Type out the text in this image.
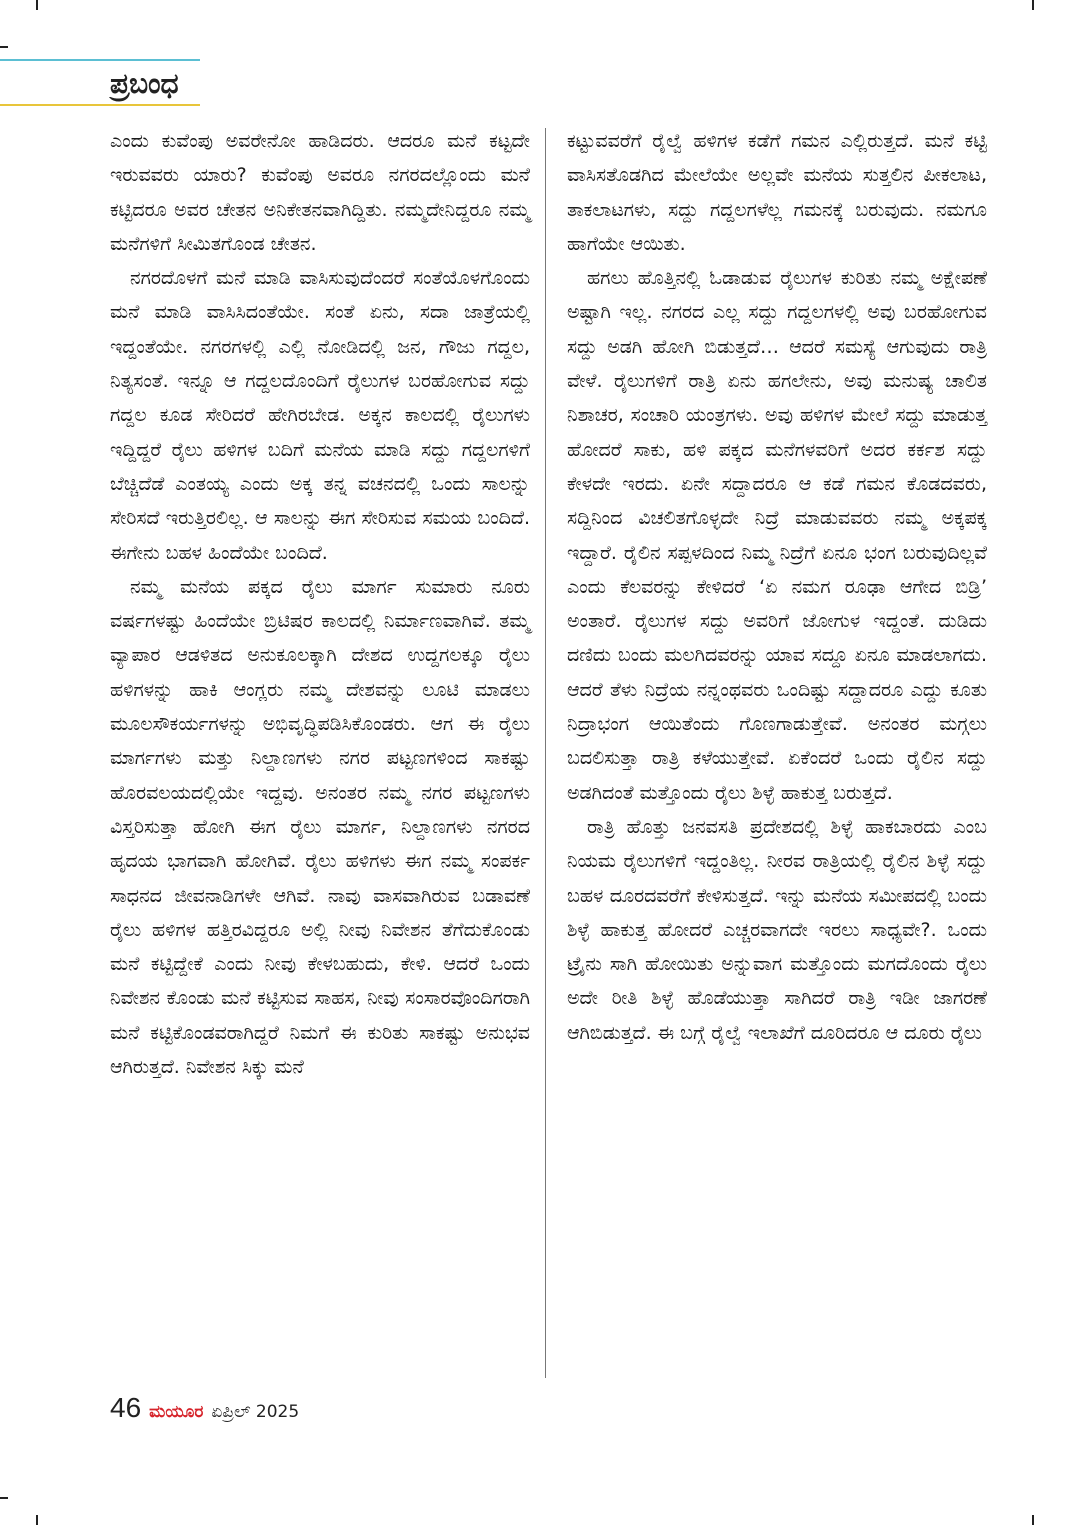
ಪ್ರಬಂಧ

ಎಂದು ಕುವೆಂಪು ಅವರೇನೋ ಹಾಡಿದರು. ಆದರೂ ಮನೆ ಕಟ್ಟದೇ ಇರುವವರು ಯಾರು? ಕುವೆಂಪು ಅವರೂ ನಗರದಲ್ಲೊಂದು ಮನೆ ಕಟ್ಟಿದರೂ ಅವರ ಚೇತನ ಅನಿಕೇತನವಾಗಿದ್ದಿತು. ನಮ್ಮದೇನಿದ್ದರೂ ನಮ್ಮ ಮನೆಗಳಿಗೆ ಸೀಮಿತಗೊಂಡ ಚೇತನ.

ನಗರದೊಳಗೆ ಮನೆ ಮಾಡಿ ವಾಸಿಸುವುದೆಂದರೆ ಸಂತೆಯೊಳಗೊಂದು ಮನೆ ಮಾಡಿ ವಾಸಿಸಿದಂತೆಯೇ. ಸಂತೆ ಏನು, ಸದಾ ಜಾತ್ರೆಯಲ್ಲಿ ಇದ್ದಂತೆಯೇ. ನಗರಗಳಲ್ಲಿ ಎಲ್ಲಿ ನೋಡಿದಲ್ಲಿ ಜನ, ಗೌಜು ಗದ್ದಲ, ನಿತ್ಯಸಂತೆ. ಇನ್ನೂ ಆ ಗದ್ದಲದೊಂದಿಗೆ ರೈಲುಗಳ ಬರಹೋಗುವ ಸದ್ದು ಗದ್ದಲ ಕೂಡ ಸೇರಿದರೆ ಹೇಗಿರಬೇಡ. ಅಕ್ಕನ ಕಾಲದಲ್ಲಿ ರೈಲುಗಳು ಇದ್ದಿದ್ದರೆ ರೈಲು ಹಳಿಗಳ ಬದಿಗೆ ಮನೆಯ ಮಾಡಿ ಸದ್ದು ಗದ್ದಲಗಳಿಗೆ ಬೆಚ್ಚಿದೆಡೆ ಎಂತಯ್ಯ ಎಂದು ಅಕ್ಕ ತನ್ನ ವಚನದಲ್ಲಿ ಒಂದು ಸಾಲನ್ನು ಸೇರಿಸದೆ ಇರುತ್ತಿರಲಿಲ್ಲ. ಆ ಸಾಲನ್ನು ಈಗ ಸೇರಿಸುವ ಸಮಯ ಬಂದಿದೆ. ಈಗೇನು ಬಹಳ ಹಿಂದೆಯೇ ಬಂದಿದೆ.

ನಮ್ಮ ಮನೆಯ ಪಕ್ಕದ ರೈಲು ಮಾರ್ಗ ಸುಮಾರು ನೂರು ವರ್ಷಗಳಷ್ಟು ಹಿಂದೆಯೇ ಬ್ರಿಟಿಷರ ಕಾಲದಲ್ಲಿ ನಿರ್ಮಾಣವಾಗಿವೆ. ತಮ್ಮ ವ್ಯಾಪಾರ ಆಡಳಿತದ ಅನುಕೂಲಕ್ಕಾಗಿ ದೇಶದ ಉದ್ದಗಲಕ್ಕೂ ರೈಲು ಹಳಿಗಳನ್ನು ಹಾಕಿ ಆಂಗ್ಲರು ನಮ್ಮ ದೇಶವನ್ನು ಲೂಟಿ ಮಾಡಲು ಮೂಲಸೌಕರ್ಯಗಳನ್ನು ಅಭಿವೃದ್ಧಿಪಡಿಸಿಕೊಂಡರು. ಆಗ ಈ ರೈಲು ಮಾರ್ಗಗಳು ಮತ್ತು ನಿಲ್ದಾಣಗಳು ನಗರ ಪಟ್ಟಣಗಳಿಂದ ಸಾಕಷ್ಟು ಹೊರವಲಯದಲ್ಲಿಯೇ ಇದ್ದವು. ಅನಂತರ ನಮ್ಮ ನಗರ ಪಟ್ಟಣಗಳು ವಿಸ್ತರಿಸುತ್ತಾ ಹೋಗಿ ಈಗ ರೈಲು ಮಾರ್ಗ, ನಿಲ್ದಾಣಗಳು ನಗರದ ಹೃದಯ ಭಾಗವಾಗಿ ಹೋಗಿವೆ. ರೈಲು ಹಳಿಗಳು ಈಗ ನಮ್ಮ ಸಂಪರ್ಕ ಸಾಧನದ ಜೀವನಾಡಿಗಳೇ ಆಗಿವೆ. ನಾವು ವಾಸವಾಗಿರುವ ಬಡಾವಣೆ ರೈಲು ಹಳಿಗಳ ಹತ್ತಿರವಿದ್ದರೂ ಅಲ್ಲಿ ನೀವು ನಿವೇಶನ ತೆಗೆದುಕೊಂಡು ಮನೆ ಕಟ್ಟಿದ್ದೇಕೆ ಎಂದು ನೀವು ಕೇಳಬಹುದು, ಕೇಳಿ. ಆದರೆ ಒಂದು ನಿವೇಶನ ಕೊಂಡು ಮನೆ ಕಟ್ಟಿಸುವ ಸಾಹಸ, ನೀವು ಸಂಸಾರವೊಂದಿಗರಾಗಿ ಮನೆ ಕಟ್ಟಿಕೊಂಡವರಾಗಿದ್ದರೆ ನಿಮಗೆ ಈ ಕುರಿತು ಸಾಕಷ್ಟು ಅನುಭವ ಆಗಿರುತ್ತದೆ. ನಿವೇಶನ ಸಿಕ್ಕು ಮನೆ

ಕಟ್ಟುವವರೆಗೆ ರೈಲ್ವೆ ಹಳಿಗಳ ಕಡೆಗೆ ಗಮನ ಎಲ್ಲಿರುತ್ತದೆ. ಮನೆ ಕಟ್ಟಿ ವಾಸಿಸತೊಡಗಿದ ಮೇಲೆಯೇ ಅಲ್ಲವೇ ಮನೆಯ ಸುತ್ತಲಿನ ಪೀಕಲಾಟ, ತಾಕಲಾಟಗಳು, ಸದ್ದು ಗದ್ದಲಗಳೆಲ್ಲ ಗಮನಕ್ಕೆ ಬರುವುದು. ನಮಗೂ ಹಾಗೆಯೇ ಆಯಿತು.

ಹಗಲು ಹೊತ್ತಿನಲ್ಲಿ ಓಡಾಡುವ ರೈಲುಗಳ ಕುರಿತು ನಮ್ಮ ಅಕ್ಷೇಪಣೆ ಅಷ್ಟಾಗಿ ಇಲ್ಲ. ನಗರದ ಎಲ್ಲ ಸದ್ದು ಗದ್ದಲಗಳಲ್ಲಿ ಅವು ಬರಹೋಗುವ ಸದ್ದು ಅಡಗಿ ಹೋಗಿ ಬಿಡುತ್ತದೆ… ಆದರೆ ಸಮಸ್ಯೆ ಆಗುವುದು ರಾತ್ರಿ ವೇಳೆ. ರೈಲುಗಳಿಗೆ ರಾತ್ರಿ ಏನು ಹಗಲೇನು, ಅವು ಮನುಷ್ಯ ಚಾಲಿತ ನಿಶಾಚರ, ಸಂಚಾರಿ ಯಂತ್ರಗಳು. ಅವು ಹಳಿಗಳ ಮೇಲೆ ಸದ್ದು ಮಾಡುತ್ತ ಹೋದರೆ ಸಾಕು, ಹಳಿ ಪಕ್ಕದ ಮನೆಗಳವರಿಗೆ ಅದರ ಕರ್ಕಶ ಸದ್ದು ಕೇಳದೇ ಇರದು. ಏನೇ ಸದ್ದಾದರೂ ಆ ಕಡೆ ಗಮನ ಕೊಡದವರು, ಸದ್ದಿನಿಂದ ವಿಚಲಿತಗೊಳ್ಳದೇ ನಿದ್ರೆ ಮಾಡುವವರು ನಮ್ಮ ಅಕ್ಕಪಕ್ಕ ಇದ್ದಾರೆ. ರೈಲಿನ ಸಪ್ಪಳದಿಂದ ನಿಮ್ಮ ನಿದ್ರೆಗೆ ಏನೂ ಭಂಗ ಬರುವುದಿಲ್ಲವೆ ಎಂದು ಕೆಲವರನ್ನು ಕೇಳಿದರೆ ‘ಏ ನಮಗ ರೂಢಾ ಆಗೇದ ಬಿಡ್ರಿ’ ಅಂತಾರೆ. ರೈಲುಗಳ ಸದ್ದು ಅವರಿಗೆ ಜೋಗುಳ ಇದ್ದಂತೆ. ದುಡಿದು ದಣಿದು ಬಂದು ಮಲಗಿದವರನ್ನು ಯಾವ ಸದ್ದೂ ಏನೂ ಮಾಡಲಾಗದು. ಆದರೆ ತೆಳು ನಿದ್ರೆಯ ನನ್ನಂಥವರು ಒಂದಿಷ್ಟು ಸದ್ದಾದರೂ ಎದ್ದು ಕೂತು ನಿದ್ರಾಭಂಗ ಆಯಿತೆಂದು ಗೊಣಗಾಡುತ್ತೇವೆ. ಅನಂತರ ಮಗ್ಗಲು ಬದಲಿಸುತ್ತಾ ರಾತ್ರಿ ಕಳೆಯುತ್ತೇವೆ. ಏಕೆಂದರೆ ಒಂದು ರೈಲಿನ ಸದ್ದು ಅಡಗಿದಂತೆ ಮತ್ತೊಂದು ರೈಲು ಶಿಳ್ಳೆ ಹಾಕುತ್ತ ಬರುತ್ತದೆ.

ರಾತ್ರಿ ಹೊತ್ತು ಜನವಸತಿ ಪ್ರದೇಶದಲ್ಲಿ ಶಿಳ್ಳೆ ಹಾಕಬಾರದು ಎಂಬ ನಿಯಮ ರೈಲುಗಳಿಗೆ ಇದ್ದಂತಿಲ್ಲ. ನೀರವ ರಾತ್ರಿಯಲ್ಲಿ ರೈಲಿನ ಶಿಳ್ಳೆ ಸದ್ದು ಬಹಳ ದೂರದವರೆಗೆ ಕೇಳಿಸುತ್ತದೆ. ಇನ್ನು ಮನೆಯ ಸಮೀಪದಲ್ಲಿ ಬಂದು ಶಿಳ್ಳೆ ಹಾಕುತ್ತ ಹೋದರೆ ಎಚ್ಚರವಾಗದೇ ಇರಲು ಸಾಧ್ಯವೇ?. ಒಂದು ಟ್ರೈನು ಸಾಗಿ ಹೋಯಿತು ಅನ್ನುವಾಗ ಮತ್ತೊಂದು ಮಗದೊಂದು ರೈಲು ಅದೇ ರೀತಿ ಶಿಳ್ಳೆ ಹೊಡೆಯುತ್ತಾ ಸಾಗಿದರೆ ರಾತ್ರಿ ಇಡೀ ಜಾಗರಣೆ ಆಗಿಬಿಡುತ್ತದೆ. ಈ ಬಗ್ಗೆ ರೈಲ್ವೆ ಇಲಾಖೆಗೆ ದೂರಿದರೂ ಆ ದೂರು ರೈಲು

46 ಮಯೂರ ಏಪ್ರಿಲ್ 2025
